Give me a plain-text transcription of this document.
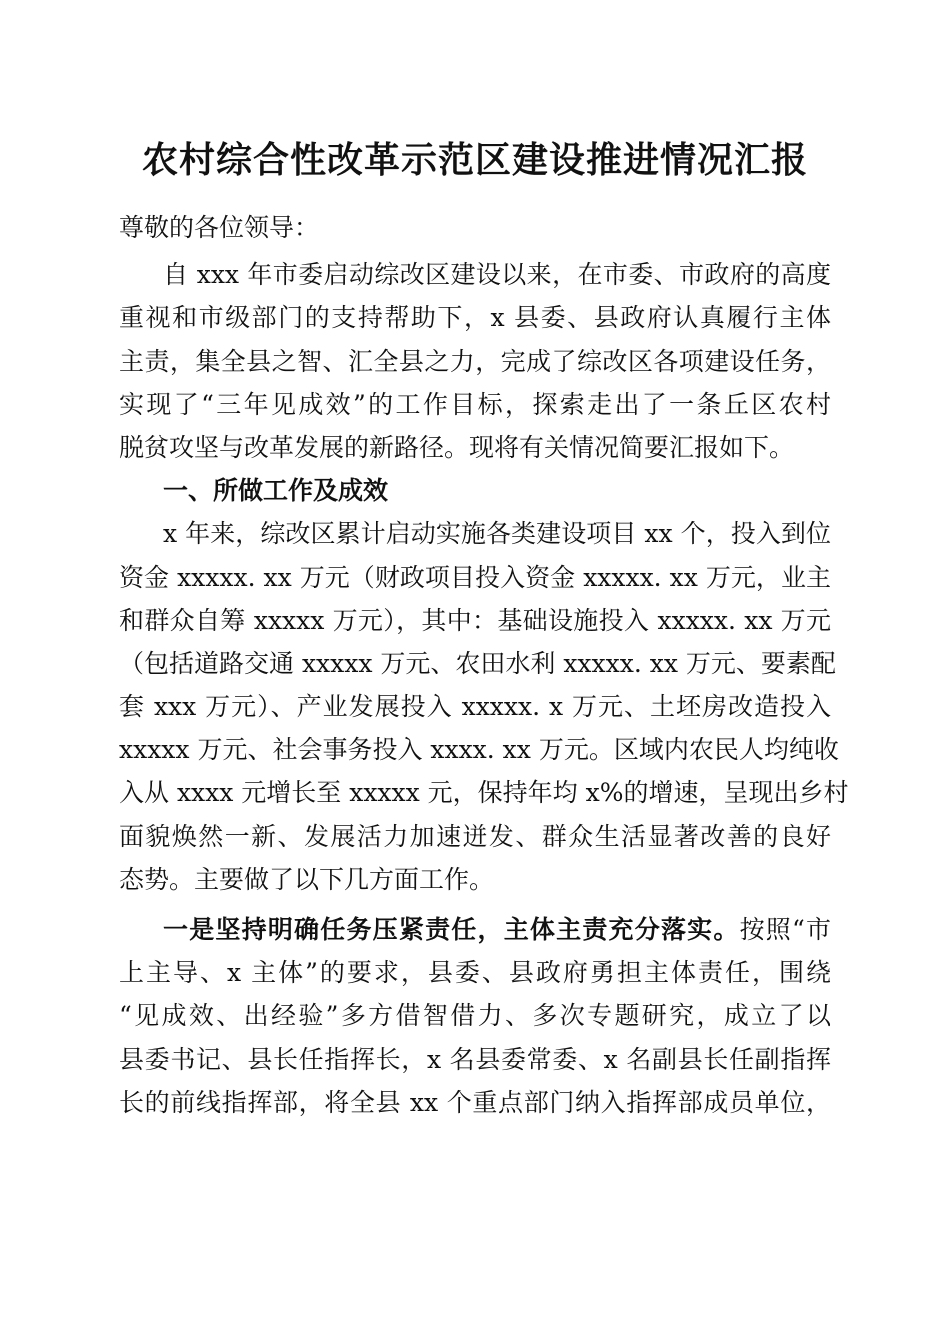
农村综合性改革示范区建设推进情况汇报
尊敬的各位领导：
自 xxx 年市委启动综改区建设以来，在市委、市政府的高度
重视和市级部门的支持帮助下，x 县委、县政府认真履行主体
主责，集全县之智、汇全县之力，完成了综改区各项建设任务，
实现了“三年见成效”的工作目标，探索走出了一条丘区农村
脱贫攻坚与改革发展的新路径。现将有关情况简要汇报如下。
一、所做工作及成效
x 年来，综改区累计启动实施各类建设项目 xx 个，投入到位
资金 xxxxx. xx 万元（财政项目投入资金 xxxxx. xx 万元，业主
和群众自筹 xxxxx 万元），其中：基础设施投入 xxxxx. xx 万元
（包括道路交通 xxxxx 万元、农田水利 xxxxx. xx 万元、要素配
套 xxx 万元）、产业发展投入 xxxxx. x 万元、土坯房改造投入
xxxxx 万元、社会事务投入 xxxx. xx 万元。区域内农民人均纯收
入从 xxxx 元增长至 xxxxx 元，保持年均 x%的增速，呈现出乡村
面貌焕然一新、发展活力加速迸发、群众生活显著改善的良好
态势。主要做了以下几方面工作。
一是坚持明确任务压紧责任，主体主责充分落实。按照“市
上主导、x 主体”的要求，县委、县政府勇担主体责任，围绕
“见成效、出经验”多方借智借力、多次专题研究，成立了以
县委书记、县长任指挥长，x 名县委常委、x 名副县长任副指挥
长的前线指挥部，将全县 xx 个重点部门纳入指挥部成员单位，
